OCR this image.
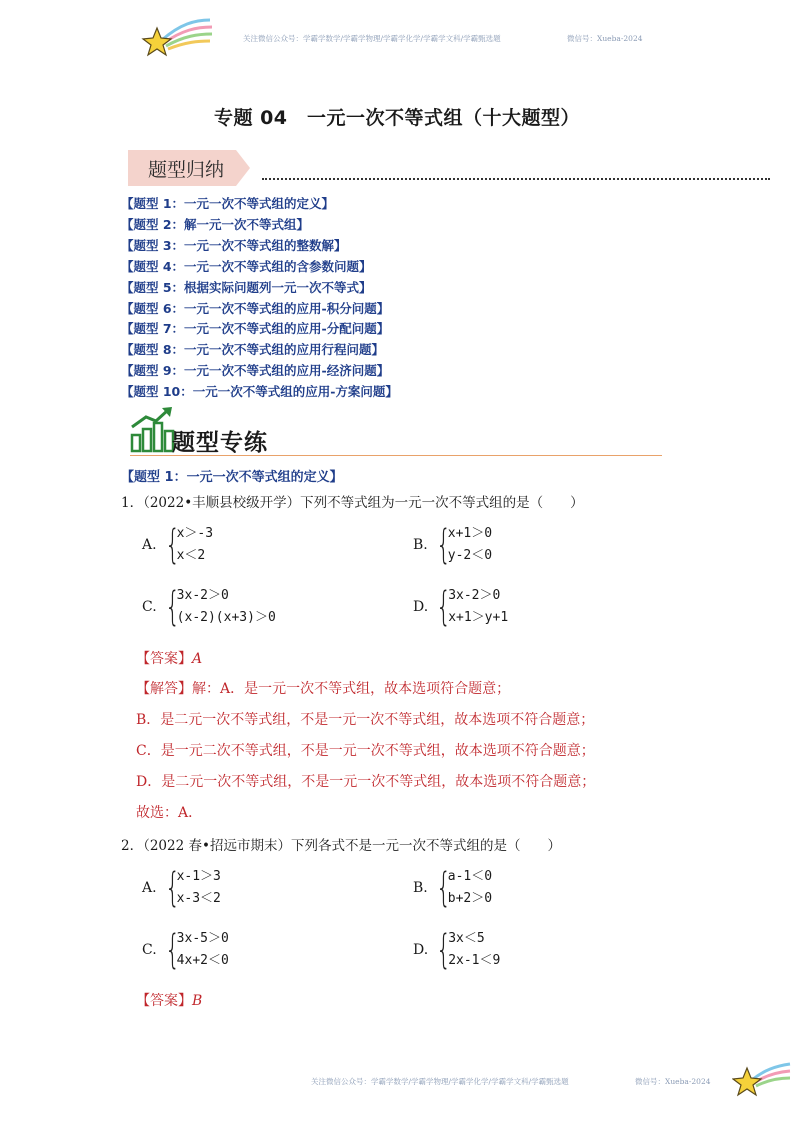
关注微信公众号：学霸学数学/学霸学物理/学霸学化学/学霸学文科/学霸甄选题	微信号：Xueba-2024
专题 04　一元一次不等式组（十大题型）
题型归纳
【题型 1：一元一次不等式组的定义】
【题型 2：解一元一次不等式组】
【题型 3：一元一次不等式组的整数解】
【题型 4：一元一次不等式组的含参数问题】
【题型 5：根据实际问题列一元一次不等式】
【题型 6：一元一次不等式组的应用-积分问题】
【题型 7：一元一次不等式组的应用-分配问题】
【题型 8：一元一次不等式组的应用行程问题】
【题型 9：一元一次不等式组的应用-经济问题】
【题型 10：一元一次不等式组的应用-方案问题】
题型专练
【题型 1：一元一次不等式组的定义】
1．（2022•丰顺县校级开学）下列不等式组为一元一次不等式组的是（　　）
A. {
x＞-3
x＜2
B. {
x+1＞0
y-2＜0
C. {
3x-2＞0
(x-2)(x+3)＞0
D. {
3x-2＞0
x+1＞y+1
【答案】A
【解答】解：A．是一元一次不等式组，故本选项符合题意；
B．是二元一次不等式组，不是一元一次不等式组，故本选项不符合题意；
C．是一元二次不等式组，不是一元一次不等式组，故本选项不符合题意；
D．是二元一次不等式组，不是一元一次不等式组，故本选项不符合题意；
故选：A．
2．（2022 春•招远市期末）下列各式不是一元一次不等式组的是（　　）
A. {
x-1＞3
x-3＜2
B. {
a-1＜0
b+2＞0
C. {
3x-5＞0
4x+2＜0
D. {
3x＜5
2x-1＜9
【答案】B
关注微信公众号：学霸学数学/学霸学物理/学霸学化学/学霸学文科/学霸甄选题	微信号：Xueba-2024
